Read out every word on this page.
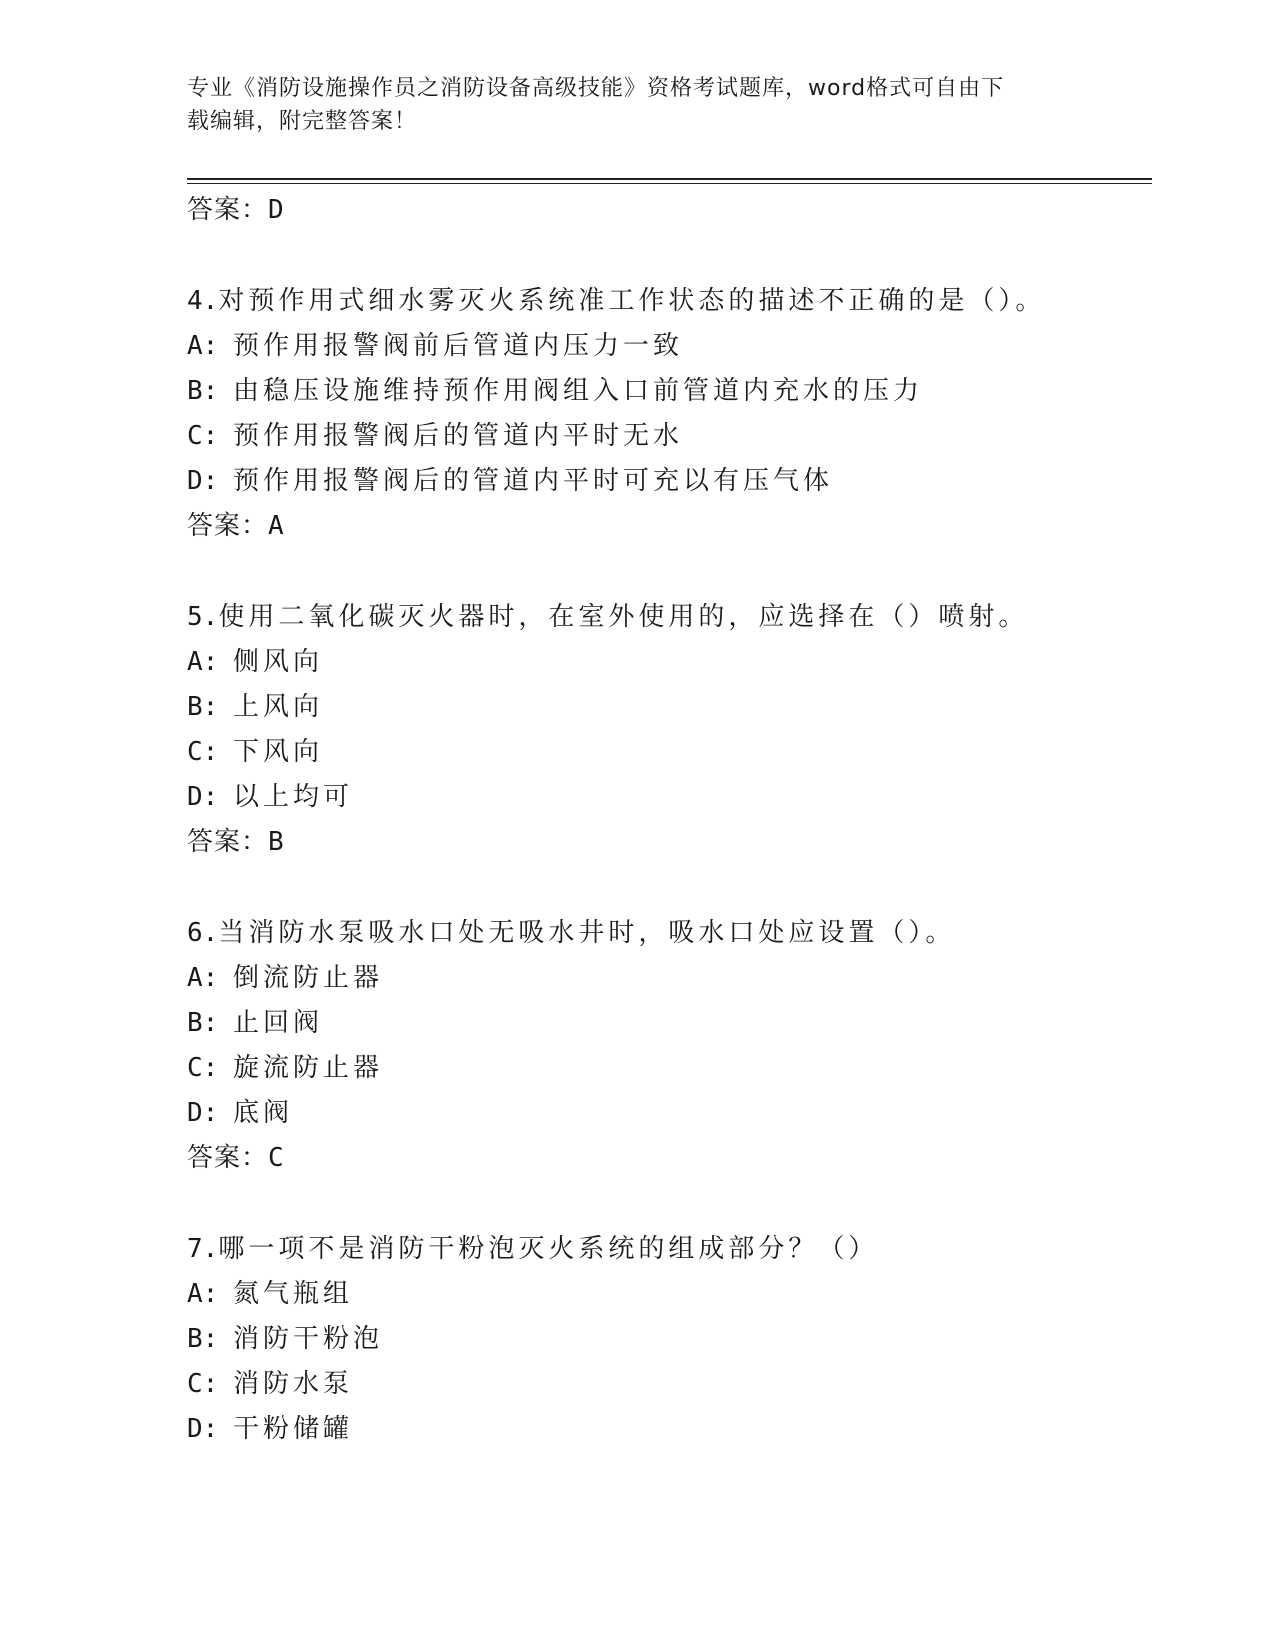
专业《消防设施操作员之消防设备高级技能》资格考试题库，word格式可自由下
载编辑，附完整答案！
答案：D
4.对预作用式细水雾灭火系统准工作状态的描述不正确的是（）。
A: 预作用报警阀前后管道内压力一致
B: 由稳压设施维持预作用阀组入口前管道内充水的压力
C: 预作用报警阀后的管道内平时无水
D: 预作用报警阀后的管道内平时可充以有压气体
答案：A
5.使用二氧化碳灭火器时，在室外使用的，应选择在（）喷射。
A: 侧风向
B: 上风向
C: 下风向
D: 以上均可
答案：B
6.当消防水泵吸水口处无吸水井时，吸水口处应设置（）。
A: 倒流防止器
B: 止回阀
C: 旋流防止器
D: 底阀
答案：C
7.哪一项不是消防干粉泡灭火系统的组成部分？（）
A: 氮气瓶组
B: 消防干粉泡
C: 消防水泵
D: 干粉储罐
